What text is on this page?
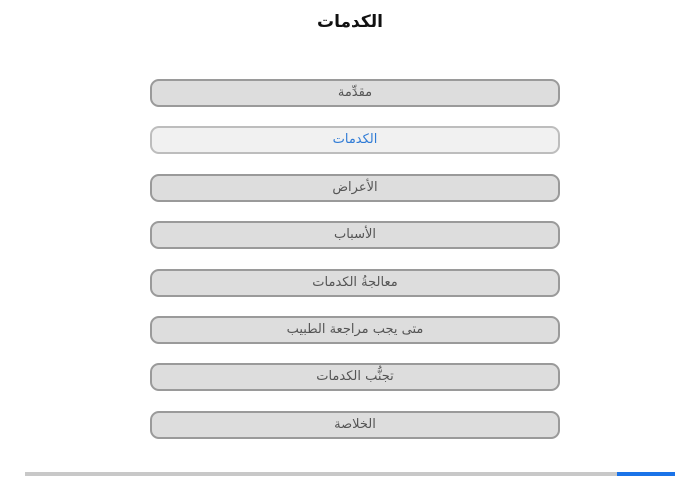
الكدمات
مقدِّمة
الكدمات
الأعراض
الأسباب
معالجةُ الكدمات
متى يجب مراجعة الطبيب
تجنُّب الكدمات
الخلاصة
